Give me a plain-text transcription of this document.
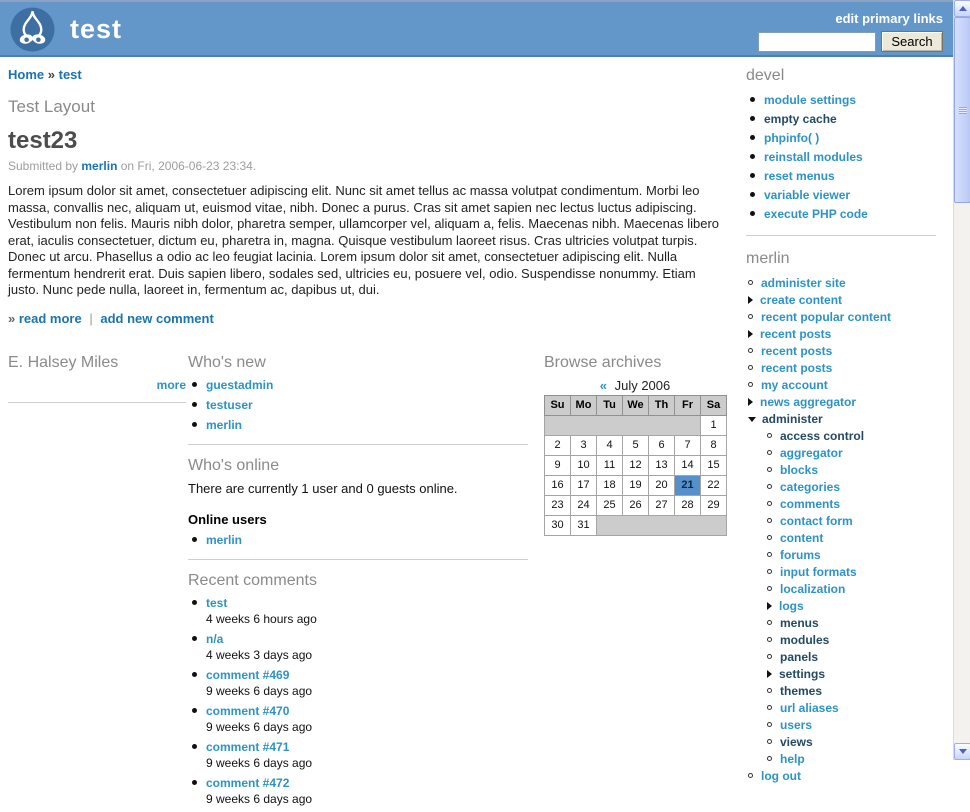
test	edit primary links
Search
Home » test
Test Layout
test23
Submitted by merlin on Fri, 2006-06-23 23:34.
Lorem ipsum dolor sit amet, consectetuer adipiscing elit. Nunc sit amet tellus ac massa volutpat condimentum. Morbi leo massa, convallis nec, aliquam ut, euismod vitae, nibh. Donec a purus. Cras sit amet sapien nec lectus luctus adipiscing. Vestibulum non felis. Mauris nibh dolor, pharetra semper, ullamcorper vel, aliquam a, felis. Maecenas nibh. Maecenas libero erat, iaculis consectetuer, dictum eu, pharetra in, magna. Quisque vestibulum laoreet risus. Cras ultricies volutpat turpis. Donec ut arcu. Phasellus a odio ac leo feugiat lacinia. Lorem ipsum dolor sit amet, consectetuer adipiscing elit. Nulla fermentum hendrerit erat. Duis sapien libero, sodales sed, ultricies eu, posuere vel, odio. Suspendisse nonummy. Etiam justo. Nunc pede nulla, laoreet in, fermentum ac, dapibus ut, dui.
» read more | add new comment
E. Halsey Miles
more
Who's new
guestadmin
testuser
merlin
Who's online
There are currently 1 user and 0 guests online.
Online users
merlin
Recent comments
test
4 weeks 6 hours ago
n/a
4 weeks 3 days ago
comment #469
9 weeks 6 days ago
comment #470
9 weeks 6 days ago
comment #471
9 weeks 6 days ago
comment #472
9 weeks 6 days ago
Browse archives
« July 2006
Su	Mo	Tu	We	Th	Fr	Sa
						1
2	3	4	5	6	7	8
9	10	11	12	13	14	15
16	17	18	19	20	21	22
23	24	25	26	27	28	29
30	31					
devel
module settings
empty cache
phpinfo( )
reinstall modules
reset menus
variable viewer
execute PHP code
merlin
administer site
create content
recent popular content
recent posts
recent posts
recent posts
my account
news aggregator
administer
access control
aggregator
blocks
categories
comments
contact form
content
forums
input formats
localization
logs
menus
modules
panels
settings
themes
url aliases
users
views
help
log out
